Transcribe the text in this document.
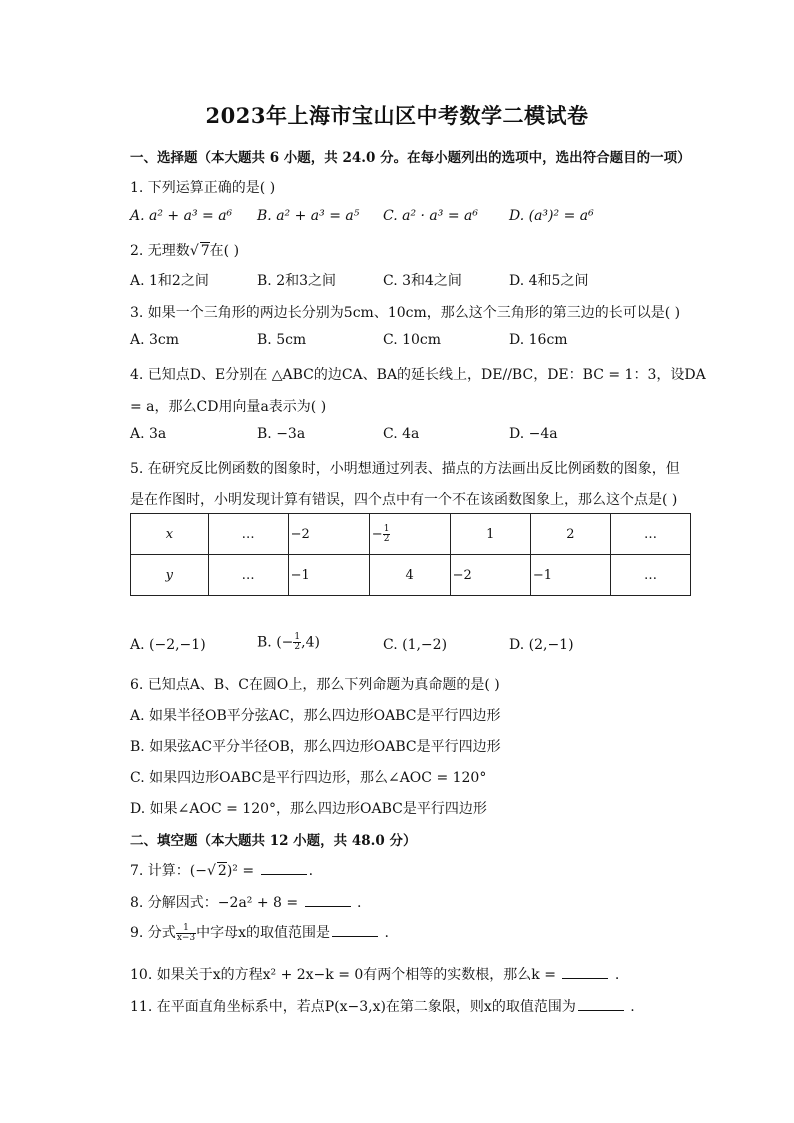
2023年上海市宝山区中考数学二模试卷
一、选择题（本大题共 6 小题，共 24.0 分。在每小题列出的选项中，选出符合题目的一项）
1. 下列运算正确的是( )
A. a² + a³ = a⁶ B. a² + a³ = a⁵ C. a² · a³ = a⁶ D. (a³)² = a⁶
2. 无理数√ 7在( )
A. 1和2之间	B. 2和3之间	C. 3和4之间	D. 4和5之间
3. 如果一个三角形的两边长分别为5cm、10cm，那么这个三角形的第三边的长可以是( )
A. 3cm	B. 5cm	C. 10cm	D. 16cm
4. 已知点D、E分别在 △ABC的边CA、BA的延长线上，DE//BC，DE：BC = 1：3，设DA
= a，那么CD用向量a表示为( )
A. 3a	B. −3a	C. 4a	D. −4a
5. 在研究反比例函数的图象时，小明想通过列表、描点的方法画出反比例函数的图象，但
是在作图时，小明发现计算有错误，四个点中有一个不在该函数图象上，那么这个点是( )
x	…	−2	− $\frac{1}{2}$	1	2	…
y	…	−1	4	−2	−1	…
A. (−2,−1)	B. (− $\frac{1}{2} ,4$)	C. (1,−2)	D. (2,−1)
6. 已知点A、B、C在圆O上，那么下列命题为真命题的是( )
A. 如果半径OB平分弦AC，那么四边形OABC是平行四边形
B. 如果弦AC平分半径OB，那么四边形OABC是平行四边形
C. 如果四边形OABC是平行四边形，那么∠AOC = 120°
D. 如果∠AOC = 120°，那么四边形OABC是平行四边形
二、填空题（本大题共 12 小题，共 48.0 分）
7. 计算：(−√ 2)² =	.
8. 分解因式：−2a² + 8 =	.
9. 分式 $\frac{1}{x-3}$ 中字母x的取值范围是	.
10. 如果关于x的方程x² + 2x−k = 0有两个相等的实数根，那么k =	.
11. 在平面直角坐标系中，若点P(x−3,x)在第二象限，则x的取值范围为	.
